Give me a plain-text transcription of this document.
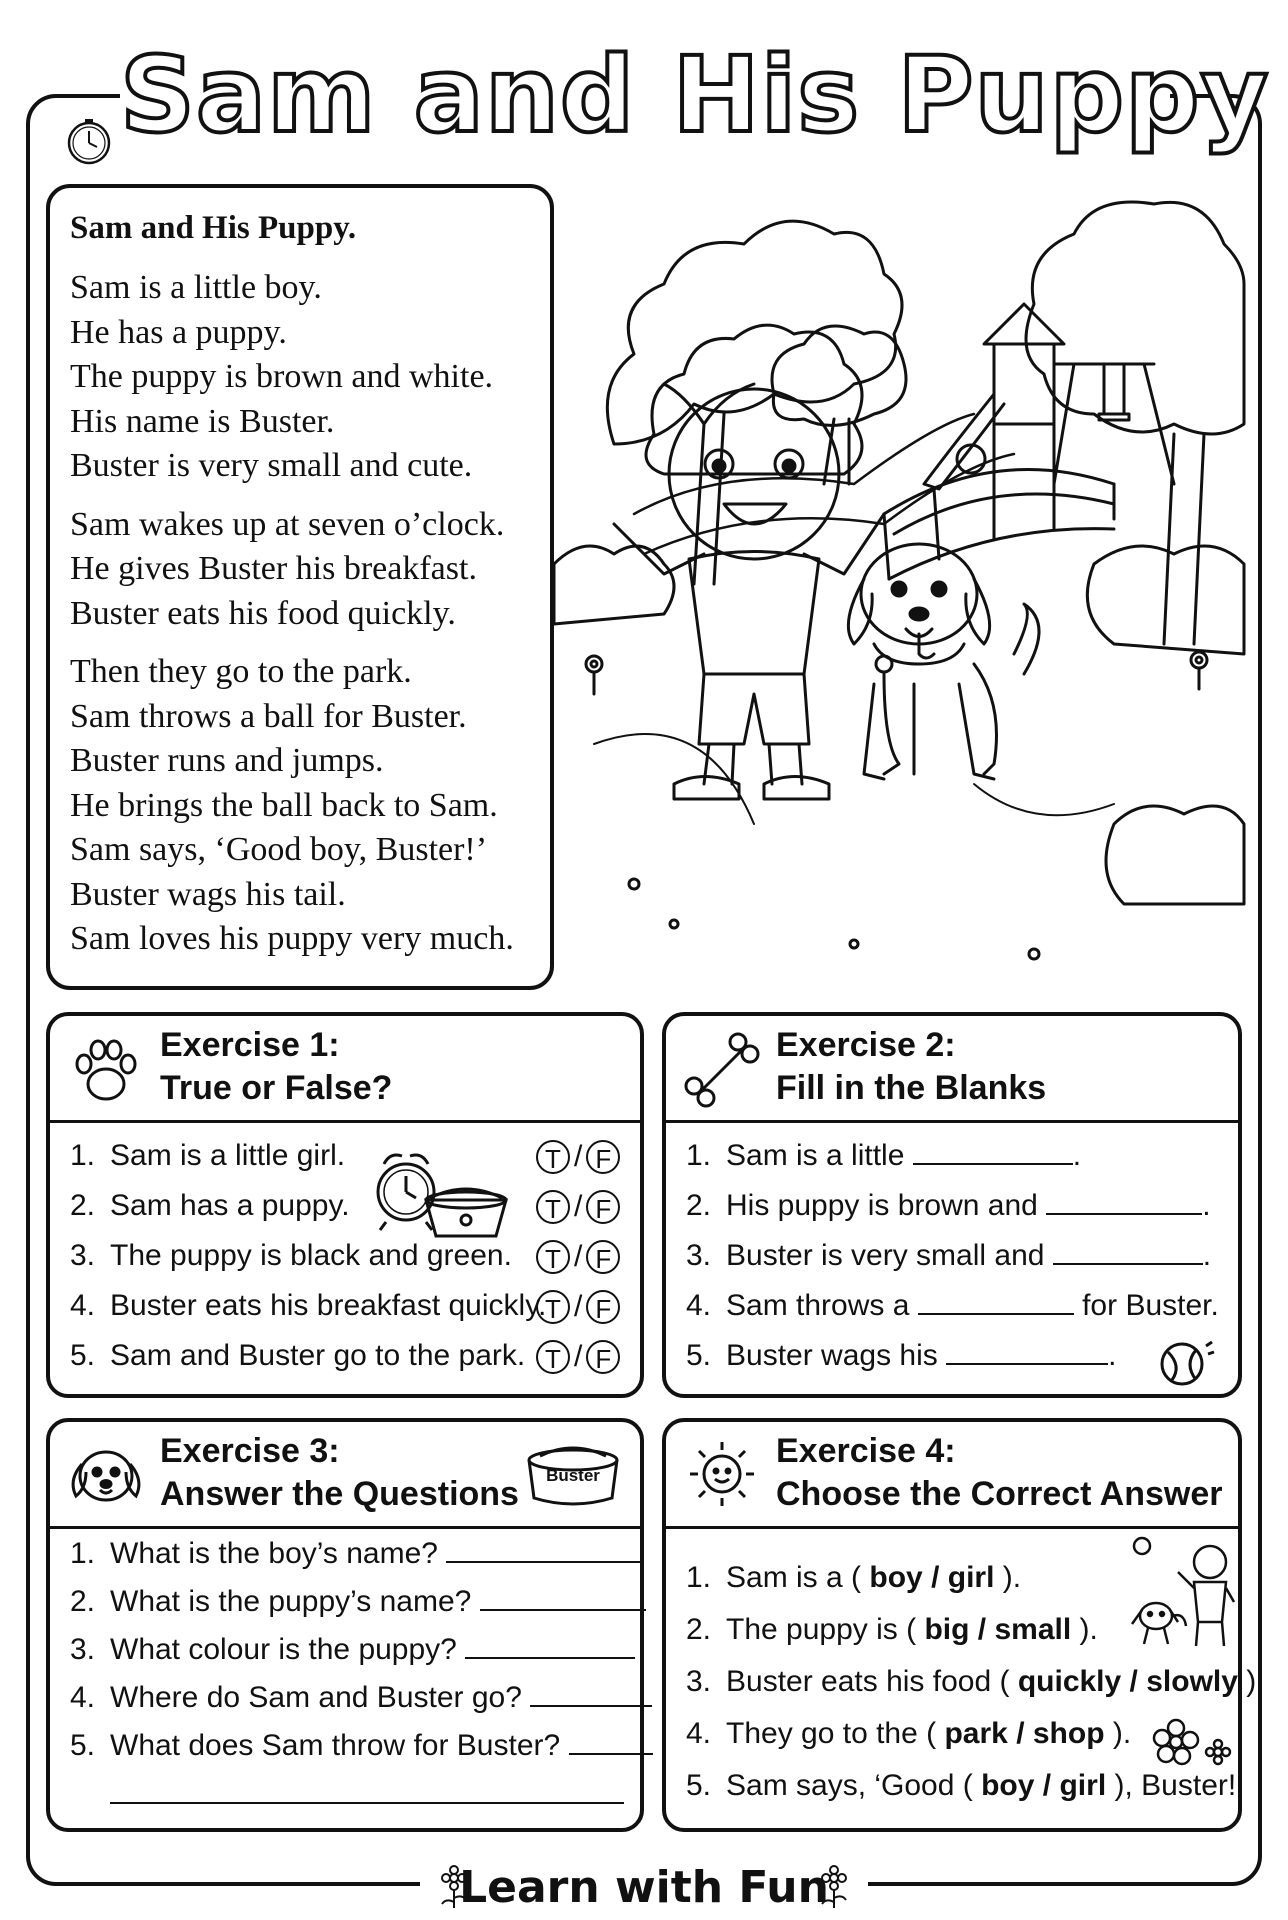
Sam and His Puppy
Sam and His Puppy.

Sam is a little boy.
He has a puppy.
The puppy is brown and white.
His name is Buster.
Buster is very small and cute.

Sam wakes up at seven o’clock.
He gives Buster his breakfast.
Buster eats his food quickly.

Then they go to the park.
Sam throws a ball for Buster.
Buster runs and jumps.
He brings the ball back to Sam.
Sam says, ‘Good boy, Buster!’
Buster wags his tail.
Sam loves his puppy very much.

Exercise 1:
True or False?
1. Sam is a little girl.
2. Sam has a puppy.
3. The puppy is black and green.
4. Buster eats his breakfast quickly.
5. Sam and Buster go to the park.
T / F
T / F
T / F
T / F
T / F
Exercise 2:
Fill in the Blanks
1. Sam is a little	.
2. His puppy is brown and	.
3. Buster is very small and	.
4. Sam throws a	for Buster.
5. Buster wags his	.
Exercise 3:
Answer the Questions	Buster
1. What is the boy’s name?
2. What is the puppy’s name?
3. What colour is the puppy?
4. Where do Sam and Buster go?
5. What does Sam throw for Buster?
Exercise 4:
Choose the Correct Answer
1. Sam is a ( boy / girl ).
2. The puppy is ( big / small ).
3. Buster eats his food ( quickly / slowly ).
4. They go to the ( park / shop ).
5. Sam says, ‘Good ( boy / girl ), Buster!’
Learn with Fun
